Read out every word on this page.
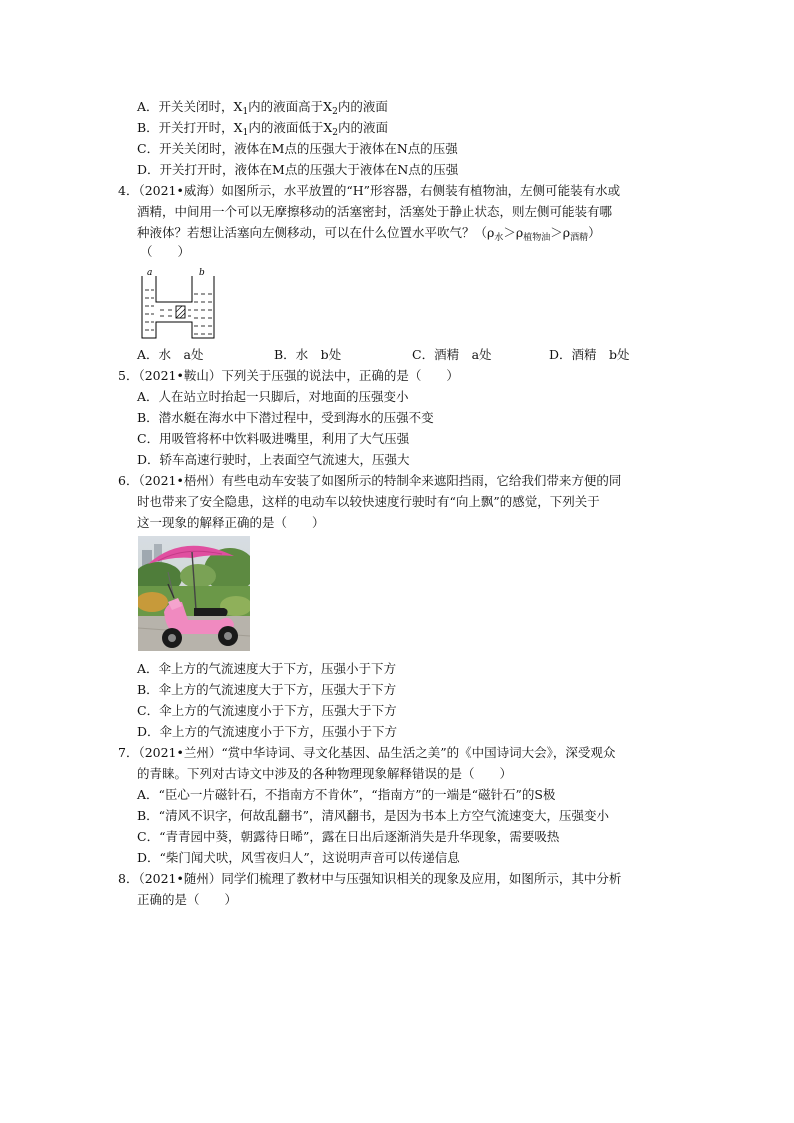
A．开关关闭时，$X_1$内的液面高于$X_2$内的液面
B．开关打开时，$X_1$内的液面低于$X_2$内的液面
C．开关关闭时，液体在M点的压强大于液体在N点的压强
D．开关打开时，液体在M点的压强大于液体在N点的压强
4．（2021•威海）如图所示，水平放置的“H”形容器，右侧装有植物油，左侧可能装有水或
酒精，中间用一个可以无摩擦移动的活塞密封，活塞处于静止状态，则左侧可能装有哪
种液体？若想让活塞向左侧移动，可以在什么位置水平吹气？$(\rho_水>\rho_{植物油}>\rho_{酒精})$
（　　）
a	b
A．水　a处	B．水　b处	C．酒精　a处	D．酒精　b处
5．（2021•鞍山）下列关于压强的说法中，正确的是（　　）
A．人在站立时抬起一只脚后，对地面的压强变小
B．潜水艇在海水中下潜过程中，受到海水的压强不变
C．用吸管将杯中饮料吸进嘴里，利用了大气压强
D．轿车高速行驶时，上表面空气流速大，压强大
6．（2021•梧州）有些电动车安装了如图所示的特制伞来遮阳挡雨，它给我们带来方便的同
时也带来了安全隐患，这样的电动车以较快速度行驶时有“向上飘”的感觉，下列关于
这一现象的解释正确的是（　　）
A．伞上方的气流速度大于下方，压强小于下方
B．伞上方的气流速度大于下方，压强大于下方
C．伞上方的气流速度小于下方，压强大于下方
D．伞上方的气流速度小于下方，压强小于下方
7．（2021•兰州）“赏中华诗词、寻文化基因、品生活之美”的《中国诗词大会》，深受观众
的青睐。下列对古诗文中涉及的各种物理现象解释错误的是（　　）
A．“臣心一片磁针石，不指南方不肯休”，“指南方”的一端是“磁针石”的S极
B．“清风不识字，何故乱翻书”，清风翻书，是因为书本上方空气流速变大，压强变小
C．“青青园中葵，朝露待日晞”，露在日出后逐渐消失是升华现象，需要吸热
D．“柴门闻犬吠，风雪夜归人”，这说明声音可以传递信息
8．（2021•随州）同学们梳理了教材中与压强知识相关的现象及应用，如图所示，其中分析
正确的是（　　）
